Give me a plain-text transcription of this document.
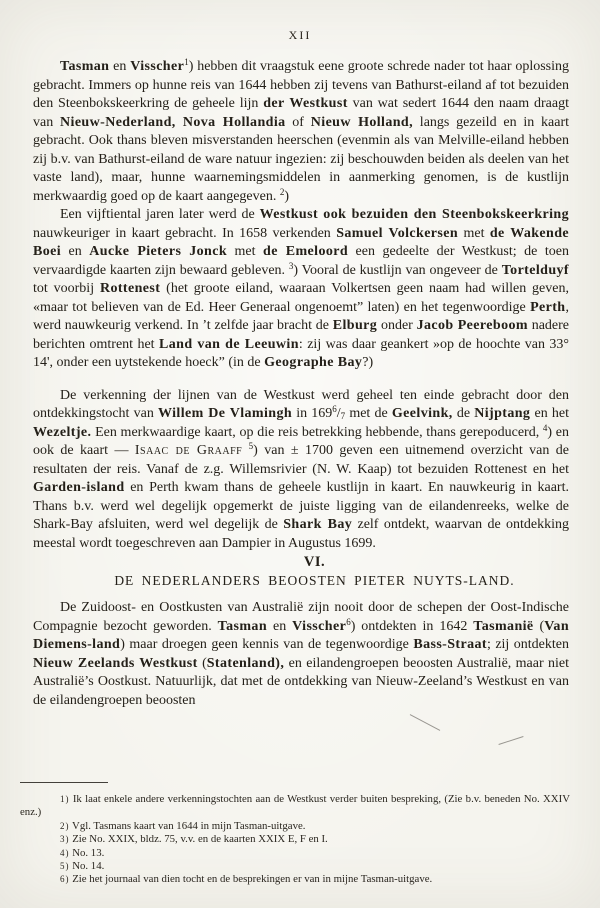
XII

Tasman en Visscher$^1$) hebben dit vraagstuk eene groote schrede nader tot haar oplossing gebracht. Immers op hunne reis van 1644 hebben zij tevens van Bathurst-eiland af tot bezuiden den Steenbokskeerkring de geheele lijn der Westkust van wat sedert 1644 den naam draagt van Nieuw-Nederland, Nova Hollandia of Nieuw Holland, langs gezeild en in kaart gebracht. Ook thans bleven misverstanden heerschen (evenmin als van Melville-eiland hebben zij b.v. van Bathurst-eiland de ware natuur ingezien: zij beschouwden beiden als deelen van het vaste land), maar, hunne waarnemingsmiddelen in aanmerking genomen, is de kustlijn merkwaardig goed op de kaart aangegeven. $^2$)

Een vijftiental jaren later werd de Westkust ook bezuiden den Steenbokskeerkring nauwkeuriger in kaart gebracht. In 1658 verkenden Samuel Volckersen met de Wakende Boei en Aucke Pieters Jonck met de Emeloord een gedeelte der Westkust; de toen vervaardigde kaarten zijn bewaard gebleven. $^3$) Vooral de kustlijn van ongeveer de Tortelduyf tot voorbij Rottenest (het groote eiland, waaraan Volkertsen geen naam had willen geven, «maar tot believen van de Ed. Heer Generaal ongenoemt” laten) en het tegenwoordige Perth, werd nauwkeurig verkend. In ’t zelfde jaar bracht de Elburg onder Jacob Peereboom nadere berichten omtrent het Land van de Leeuwin: zij was daar geankert »op de hoochte van 33° 14', onder een uytstekende hoeck” (in de Geographe Bay?)

De verkenning der lijnen van de Westkust werd geheel ten einde gebracht door den ontdekkingstocht van Willem De Vlamingh in $169^6/_7$ met de Geelvink, de Nijptang en het Wezeltje. Een merkwaardige kaart, op die reis betrekking hebbende, thans gerepoducerd, $^4$) en ook de kaart — Isaac de Graaff $^5$) van ± 1700 geven een uitnemend overzicht van de resultaten der reis. Vanaf de z.g. Willemsrivier (N. W. Kaap) tot bezuiden Rottenest en het Garden-island en Perth kwam thans de geheele kustlijn in kaart. En nauwkeurig in kaart. Thans b.v. werd wel degelijk opgemerkt de juiste ligging van de eilandenreeks, welke de Shark-Bay afsluiten, werd wel degelijk de Shark Bay zelf ontdekt, waarvan de ontdekking meestal wordt toegeschreven aan Dampier in Augustus 1699.

VI.

DE NEDERLANDERS BEOOSTEN PIETER NUYTS-LAND.

De Zuidoost- en Oostkusten van Australië zijn nooit door de schepen der Oost-Indische Compagnie bezocht geworden. Tasman en Visscher$^6$) ontdekten in 1642 Tasmanië (Van Diemens-land) maar droegen geen kennis van de tegenwoordige Bass-Straat; zij ontdekten Nieuw Zeelands Westkust (Statenland), en eilandengroepen beoosten Australië, maar niet Australië’s Oostkust. Natuurlijk, dat met de ontdekking van Nieuw-Zeeland’s Westkust en van de eilandengroepen beoosten

1) Ik laat enkele andere verkenningstochten aan de Westkust verder buiten bespreking, (Zie b.v. beneden No. XXIV enz.)

2) Vgl. Tasmans kaart van 1644 in mijn Tasman-uitgave.

3) Zie No. XXIX, bldz. 75, v.v. en de kaarten XXIX E, F en I.

4) No. 13.

5) No. 14.

6) Zie het journaal van dien tocht en de besprekingen er van in mijne Tasman-uitgave.
